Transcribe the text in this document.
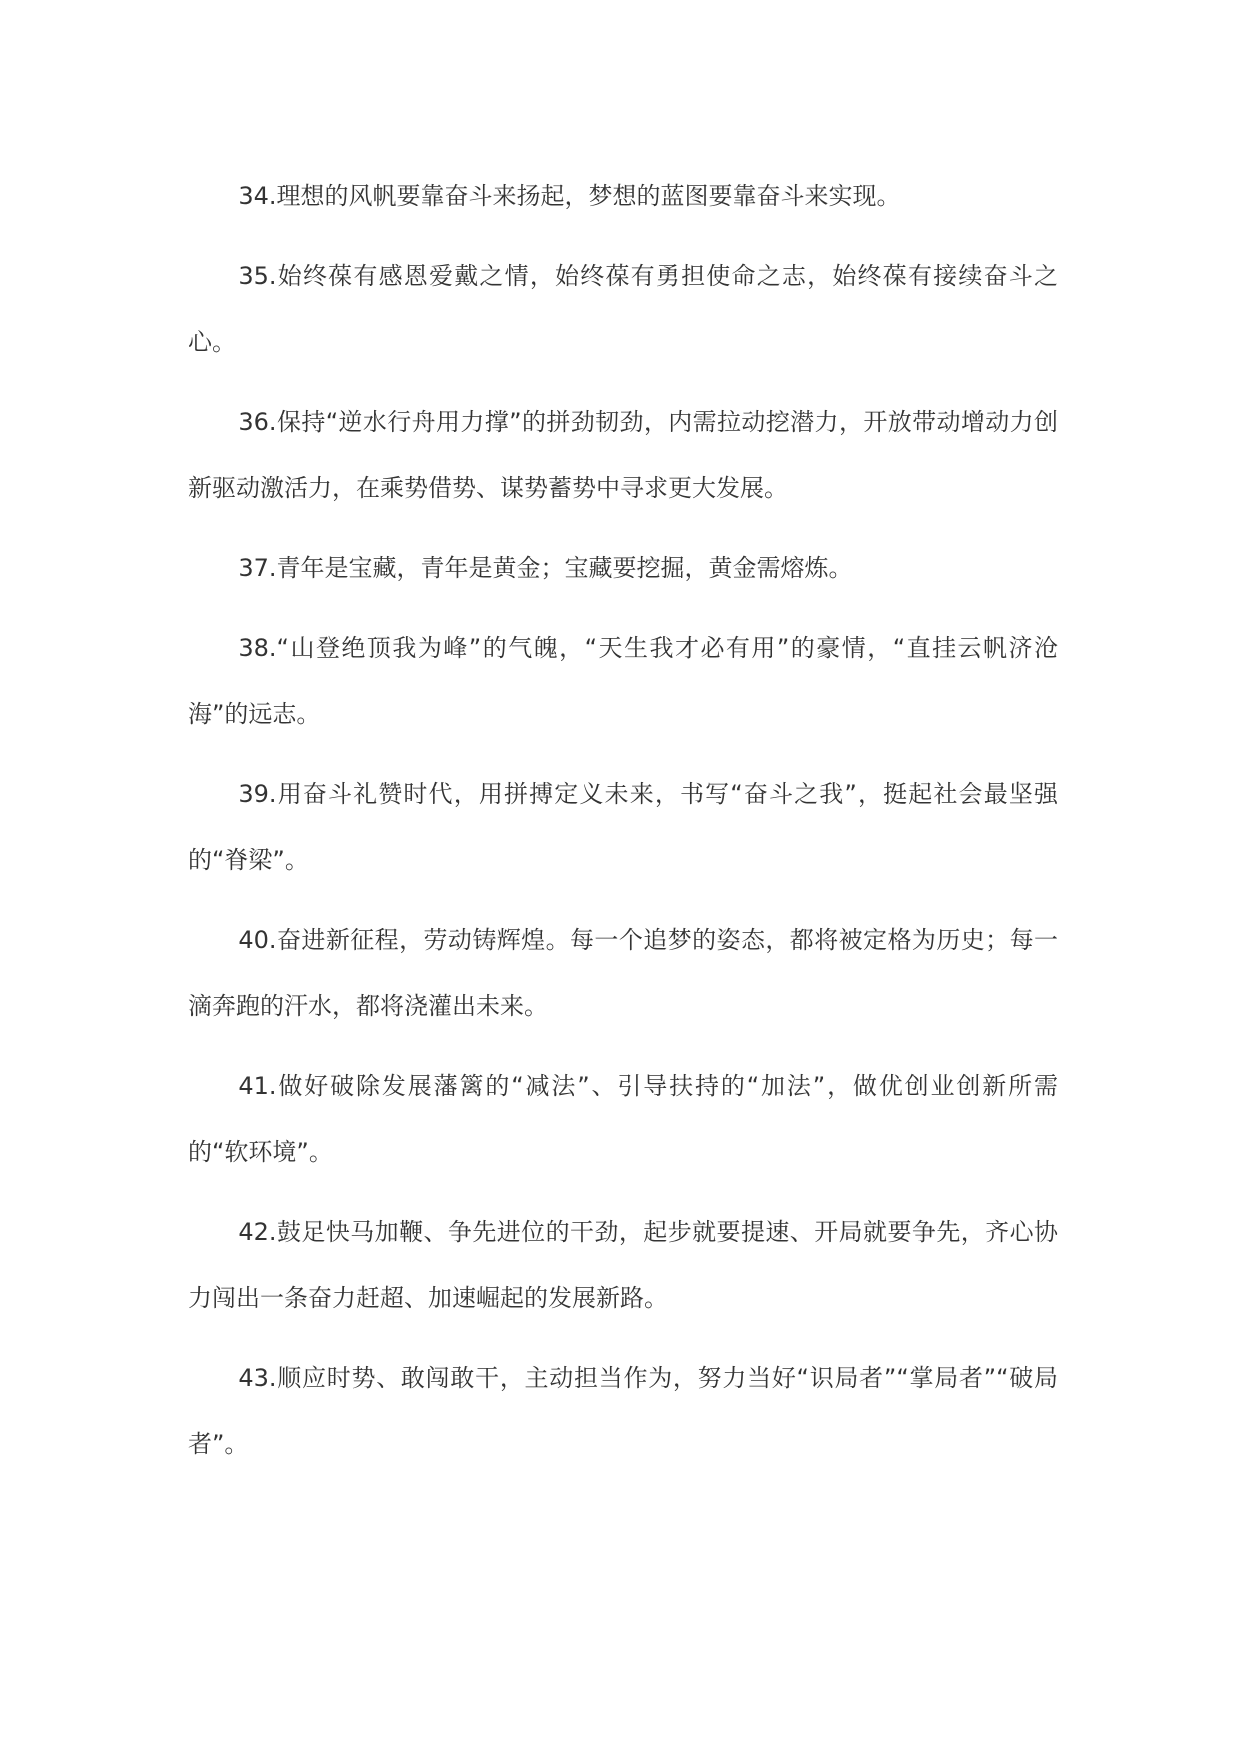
34.理想的风帆要靠奋斗来扬起，梦想的蓝图要靠奋斗来实现。

35.始终葆有感恩爱戴之情，始终葆有勇担使命之志，始终葆有接续奋斗之心。

36.保持“逆水行舟用力撑”的拼劲韧劲，内需拉动挖潜力，开放带动增动力创新驱动激活力，在乘势借势、谋势蓄势中寻求更大发展。

37.青年是宝藏，青年是黄金；宝藏要挖掘，黄金需熔炼。

38.“山登绝顶我为峰”的气魄，“天生我才必有用”的豪情，“直挂云帆济沧海”的远志。

39.用奋斗礼赞时代，用拼搏定义未来，书写“奋斗之我”，挺起社会最坚强的“脊梁”。

40.奋进新征程，劳动铸辉煌。每一个追梦的姿态，都将被定格为历史；每一滴奔跑的汗水，都将浇灌出未来。

41.做好破除发展藩篱的“减法”、引导扶持的“加法”，做优创业创新所需的“软环境”。

42.鼓足快马加鞭、争先进位的干劲，起步就要提速、开局就要争先，齐心协力闯出一条奋力赶超、加速崛起的发展新路。

43.顺应时势、敢闯敢干，主动担当作为，努力当好“识局者”“掌局者”“破局者”。
